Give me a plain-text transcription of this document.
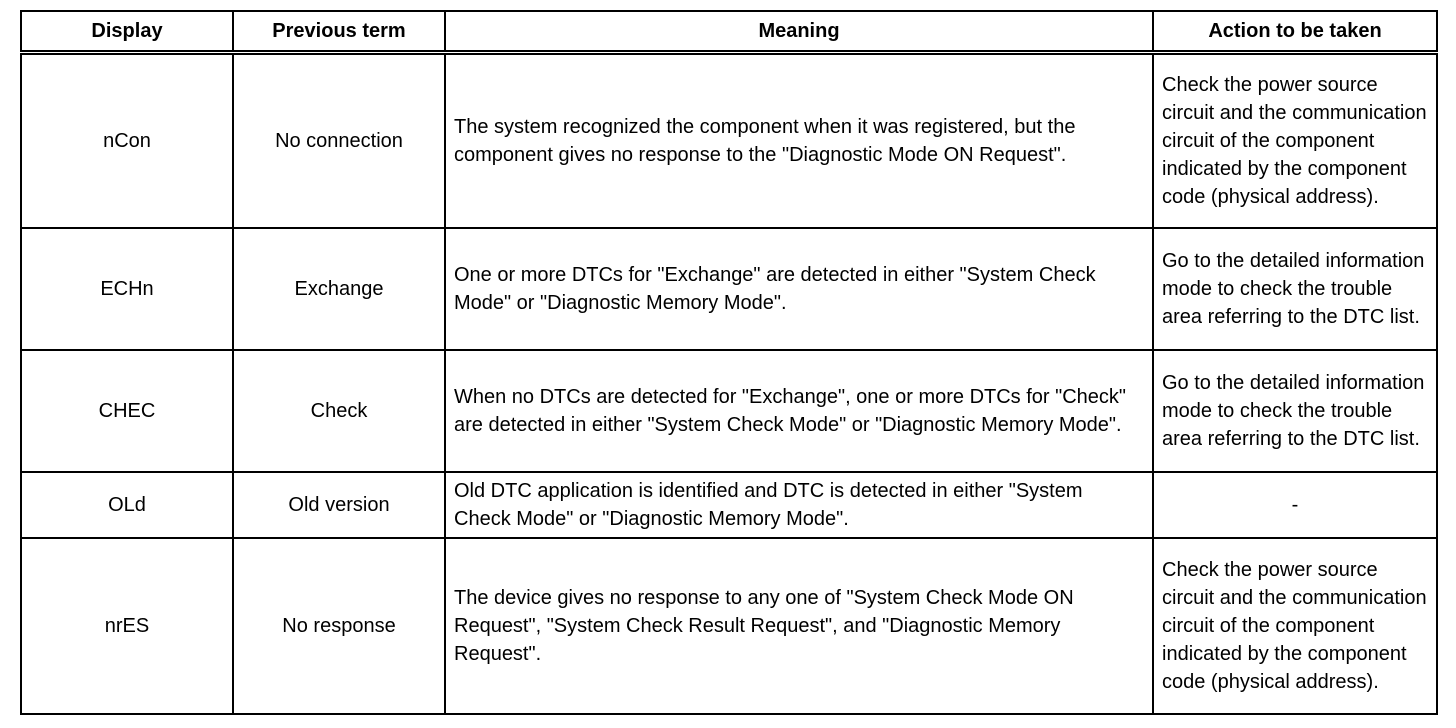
Display	Previous term	Meaning	Action to be taken
nCon	No connection	The system recognized the component when it was registered, but the component gives no response to the "Diagnostic Mode ON Request".	Check the power source circuit and the communication circuit of the component indicated by the component code (physical address).
ECHn	Exchange	One or more DTCs for "Exchange" are detected in either "System Check Mode" or "Diagnostic Memory Mode".	Go to the detailed information mode to check the trouble area referring to the DTC list.
CHEC	Check	When no DTCs are detected for "Exchange", one or more DTCs for "Check" are detected in either "System Check Mode" or "Diagnostic Memory Mode".	Go to the detailed information mode to check the trouble area referring to the DTC list.
OLd	Old version	Old DTC application is identified and DTC is detected in either "System Check Mode" or "Diagnostic Memory Mode".	-
nrES	No response	The device gives no response to any one of "System Check Mode ON Request", "System Check Result Request", and "Diagnostic Memory Request".	Check the power source circuit and the communication circuit of the component indicated by the component code (physical address).
